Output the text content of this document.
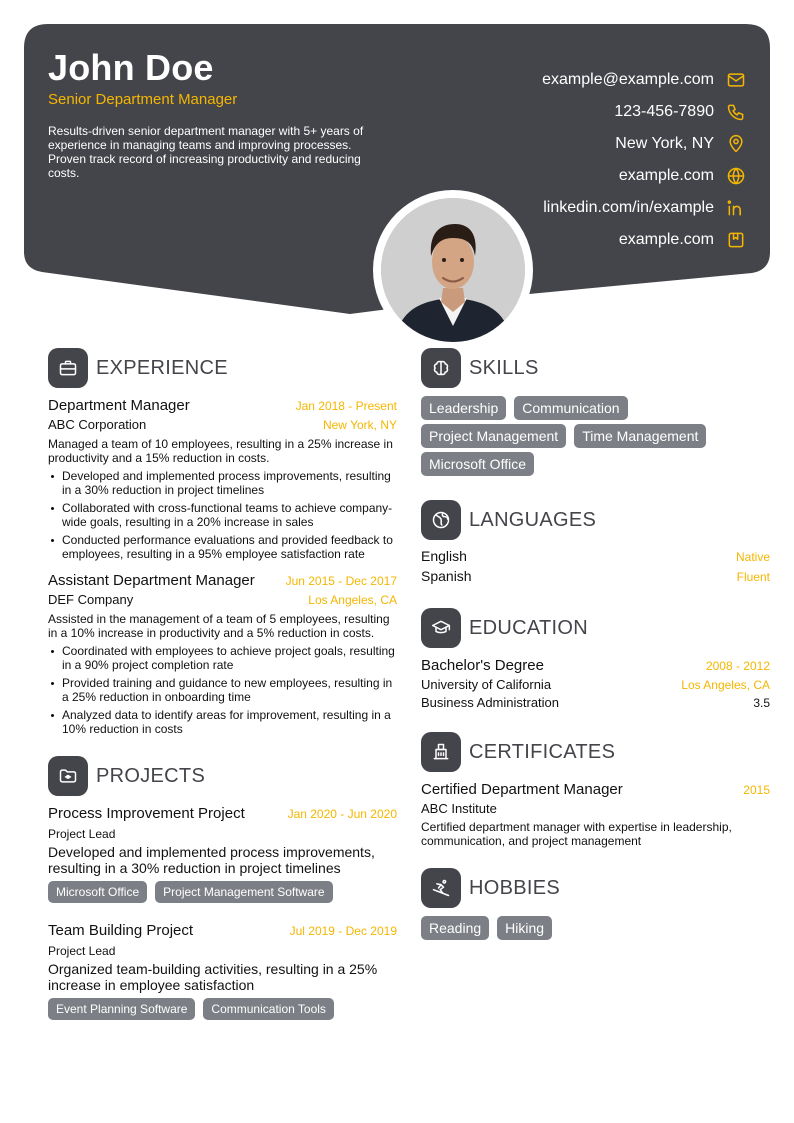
John Doe
Senior Department Manager
Results-driven senior department manager with 5+ years of experience in managing teams and improving processes. Proven track record of increasing productivity and reducing costs.
example@example.com
123-456-7890
New York, NY
example.com
linkedin.com/in/example
example.com
EXPERIENCE
Department Manager	Jan 2018 - Present
ABC Corporation	New York, NY
Managed a team of 10 employees, resulting in a 25% increase in productivity and a 15% reduction in costs.
Developed and implemented process improvements, resulting in a 30% reduction in project timelines
Collaborated with cross-functional teams to achieve company-wide goals, resulting in a 20% increase in sales
Conducted performance evaluations and provided feedback to employees, resulting in a 95% employee satisfaction rate
Assistant Department Manager	Jun 2015 - Dec 2017
DEF Company	Los Angeles, CA
Assisted in the management of a team of 5 employees, resulting in a 10% increase in productivity and a 5% reduction in costs.
Coordinated with employees to achieve project goals, resulting in a 90% project completion rate
Provided training and guidance to new employees, resulting in a 25% reduction in onboarding time
Analyzed data to identify areas for improvement, resulting in a 10% reduction in costs
PROJECTS
Process Improvement Project	Jan 2020 - Jun 2020
Project Lead
Developed and implemented process improvements, resulting in a 30% reduction in project timelines
Microsoft Office	Project Management Software
Team Building Project	Jul 2019 - Dec 2019
Project Lead
Organized team-building activities, resulting in a 25% increase in employee satisfaction
Event Planning Software	Communication Tools
SKILLS
Leadership	Communication
Project Management	Time Management
Microsoft Office
LANGUAGES
English	Native
Spanish	Fluent
EDUCATION
Bachelor's Degree	2008 - 2012
University of California	Los Angeles, CA
Business Administration	3.5
CERTIFICATES
Certified Department Manager	2015
ABC Institute
Certified department manager with expertise in leadership, communication, and project management
HOBBIES
Reading	Hiking
